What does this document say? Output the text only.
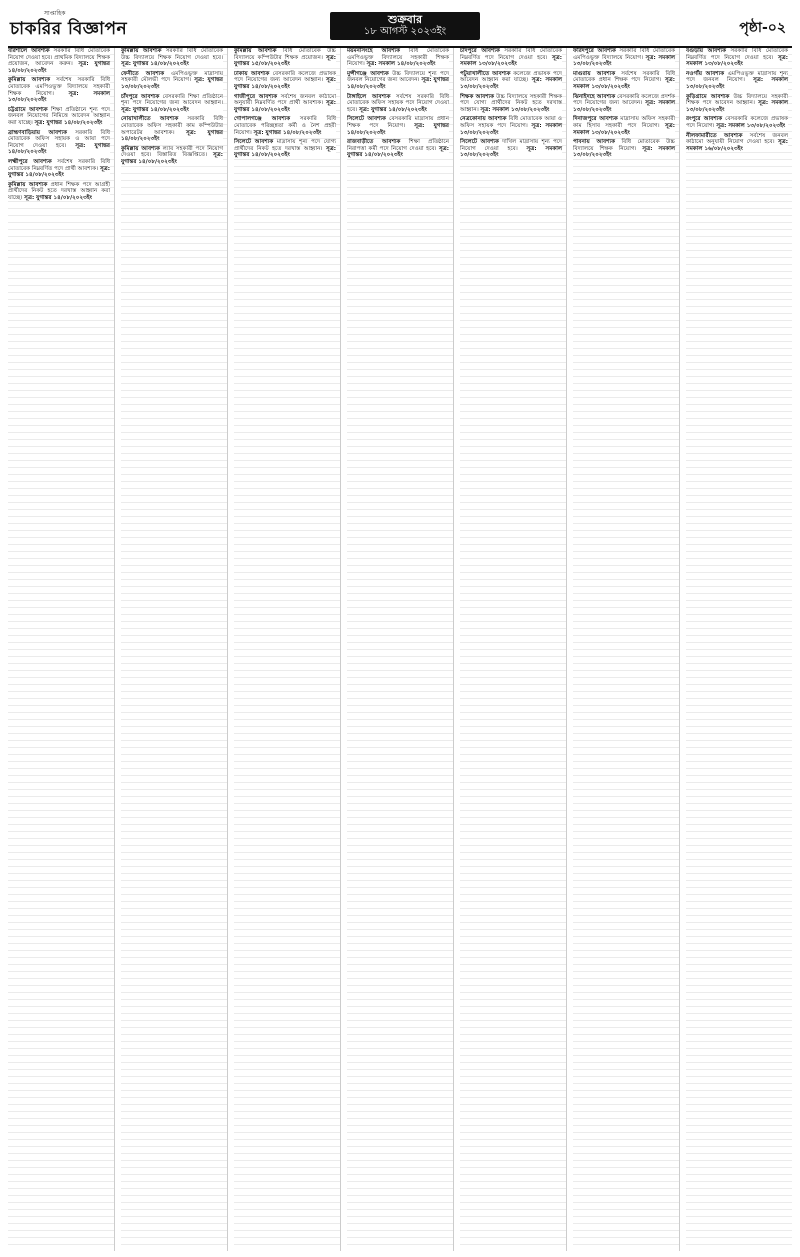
সাপ্তাহিক
চাকরির বিজ্ঞাপন	শুক্রবার
১৮ আগস্ট ২০২৩ইং	পৃষ্ঠা-০২

বরিশালে আবশ্যক সরকারি বিধি মোতাবেক নিয়োগ দেওয়া হবে। প্রাথমিক বিদ্যালয়ে শিক্ষক প্রয়োজন, আবেদন করুন। সূত্র: যুগান্তর ১৪/০৮/২০২৩ইং

কুমিল্লায় আবশ্যক সর্বশেষ সরকারি বিধি মোতাবেক এমপিওভুক্ত বিদ্যালয়ে সহকারী শিক্ষক নিয়োগ।	সূত্র: সমকাল ১৩/০৮/২০২৩ইং

চট্টগ্রামে আবশ্যক শিক্ষা প্রতিষ্ঠানে শূন্য পদে জনবল নিয়োগের নিমিত্তে আবেদন আহ্বান করা যাচ্ছে। সূত্র: যুগান্তর ১৪/০৮/২০২৩ইং

ব্রাহ্মণবাড়িয়ায় আবশ্যক সরকারি বিধি মোতাবেক অফিস সহায়ক ও আয়া পদে নিয়োগ দেওয়া হবে। সূত্র: যুগান্তর ১৪/০৮/২০২৩ইং

লক্ষ্মীপুরে আবশ্যক সর্বশেষ সরকারি বিধি মোতাবেক নিম্নবর্ণিত পদে প্রার্থী আবশ্যক। সূত্র: যুগান্তর ১৪/০৮/২০২৩ইং

কুমিল্লায় আবশ্যক প্রধান শিক্ষক পদে আগ্রহী প্রার্থীদের নিকট হতে দরখাস্ত আহ্বান করা যাচ্ছে। সূত্র: যুগান্তর ১৪/০৮/২০২৩ইং

কুমিল্লায় আবশ্যক সরকারি বিধি মোতাবেক উচ্চ বিদ্যালয়ে শিক্ষক নিয়োগ দেওয়া হবে। সূত্র: যুগান্তর ১৪/০৮/২০২৩ইং

ফেনীতে আবশ্যক এমপিওভুক্ত মাদ্রাসায় সহকারী মৌলভী পদে নিয়োগ। সূত্র: যুগান্তর ১৩/০৮/২০২৩ইং

চাঁদপুরে আবশ্যক বেসরকারি শিক্ষা প্রতিষ্ঠানে শূন্য পদে নিয়োগের জন্য আবেদন আহ্বান। সূত্র: যুগান্তর ১৪/০৮/২০২৩ইং

নোয়াখালীতে আবশ্যক সরকারি বিধি মোতাবেক অফিস সহকারী কাম কম্পিউটার অপারেটর আবশ্যক। সূত্র: যুগান্তর ১৪/০৮/২০২৩ইং

কুমিল্লায় আবশ্যক ল্যাব সহকারী পদে নিয়োগ দেওয়া হবে। বিস্তারিত বিজ্ঞপ্তিতে। সূত্র: যুগান্তর ১৪/০৮/২০২৩ইং

কুমিল্লায় আবশ্যক বিধি মোতাবেক উচ্চ বিদ্যালয়ে কম্পিউটার শিক্ষক প্রয়োজন। সূত্র: যুগান্তর ১৫/০৮/২০২৩ইং

ঢাকায় আবশ্যক বেসরকারি কলেজে প্রভাষক পদে নিয়োগের জন্য আবেদন আহ্বান। সূত্র: যুগান্তর ১৪/০৮/২০২৩ইং

গাজীপুরে আবশ্যক সর্বশেষ জনবল কাঠামো অনুযায়ী নিম্নবর্ণিত পদে প্রার্থী আবশ্যক। সূত্র: যুগান্তর ১৪/০৮/২০২৩ইং

গোপালগঞ্জে আবশ্যক সরকারি বিধি মোতাবেক পরিচ্ছন্নতা কর্মী ও নৈশ প্রহরী নিয়োগ। সূত্র: যুগান্তর ১৪/০৮/২০২৩ইং

সিলেটে আবশ্যক মাদ্রাসায় শূন্য পদে যোগ্য প্রার্থীদের নিকট হতে দরখাস্ত আহ্বান। সূত্র: যুগান্তর ১৪/০৮/২০২৩ইং

ময়মনসিংহে আবশ্যক বিধি মোতাবেক এমপিওভুক্ত বিদ্যালয়ে সহকারী শিক্ষক নিয়োগ। সূত্র: সমকাল ১৪/০৮/২০২৩ইং

মুন্সীগঞ্জে আবশ্যক উচ্চ বিদ্যালয়ে শূন্য পদে জনবল নিয়োগের জন্য আবেদন। সূত্র: যুগান্তর ১৪/০৮/২০২৩ইং

টাঙ্গাইলে আবশ্যক সর্বশেষ সরকারি বিধি মোতাবেক অফিস সহায়ক পদে নিয়োগ দেওয়া হবে। সূত্র: যুগান্তর ১৪/০৮/২০২৩ইং

সিলেটে আবশ্যক বেসরকারি মাদ্রাসায় প্রধান শিক্ষক পদে নিয়োগ। সূত্র: যুগান্তর ১৪/০৮/২০২৩ইং

রাজবাড়ীতে আবশ্যক শিক্ষা প্রতিষ্ঠানে নিরাপত্তা কর্মী পদে নিয়োগ দেওয়া হবে। সূত্র: যুগান্তর ১৪/০৮/২০২৩ইং

চাঁদপুরে আবশ্যক সরকারি বিধি মোতাবেক নিম্নবর্ণিত পদে নিয়োগ দেওয়া হবে। সূত্র: সমকাল ১৩/০৮/২০২৩ইং

পটুয়াখালীতে আবশ্যক কলেজে প্রভাষক পদে আবেদন আহ্বান করা যাচ্ছে। সূত্র: সমকাল ১৩/০৮/২০২৩ইং

শিক্ষক আবশ্যক উচ্চ বিদ্যালয়ে সহকারী শিক্ষক পদে যোগ্য প্রার্থীদের নিকট হতে দরখাস্ত আহ্বান। সূত্র: সমকাল ১৩/০৮/২০২৩ইং

নেত্রকোনায় আবশ্যক বিধি মোতাবেক আয়া ও অফিস সহায়ক পদে নিয়োগ। সূত্র: সমকাল ১৩/০৮/২০২৩ইং

সিলেটে আবশ্যক দাখিল মাদ্রাসায় শূন্য পদে নিয়োগ দেওয়া হবে। সূত্র: সমকাল ১৩/০৮/২০২৩ইং

ফরিদপুরে আবশ্যক সরকারি বিধি মোতাবেক এমপিওভুক্ত বিদ্যালয়ে নিয়োগ। সূত্র: সমকাল ১৩/০৮/২০২৩ইং

মাগুরায় আবশ্যক সর্বশেষ সরকারি বিধি মোতাবেক প্রধান শিক্ষক পদে নিয়োগ। সূত্র: সমকাল ১৩/০৮/২০২৩ইং

ঝিনাইদহে আবশ্যক বেসরকারি কলেজে প্রদর্শক পদে নিয়োগের জন্য আবেদন। সূত্র: সমকাল ১৩/০৮/২০২৩ইং

দিনাজপুরে আবশ্যক মাদ্রাসায় অফিস সহকারী কাম হিসাব সহকারী পদে নিয়োগ। সূত্র: সমকাল ১৩/০৮/২০২৩ইং

পাবনায় আবশ্যক বিধি মোতাবেক উচ্চ বিদ্যালয়ে শিক্ষক নিয়োগ। সূত্র: সমকাল ১৩/০৮/২০২৩ইং

বগুড়ায় আবশ্যক সরকারি বিধি মোতাবেক নিম্নবর্ণিত পদে নিয়োগ দেওয়া হবে। সূত্র: সমকাল ১৩/০৮/২০২৩ইং

নওগাঁয় আবশ্যক এমপিওভুক্ত মাদ্রাসায় শূন্য পদে জনবল নিয়োগ। সূত্র: সমকাল ১৩/০৮/২০২৩ইং

কুড়িগ্রামে আবশ্যক উচ্চ বিদ্যালয়ে সহকারী শিক্ষক পদে আবেদন আহ্বান। সূত্র: সমকাল ১৩/০৮/২০২৩ইং

রংপুরে আবশ্যক বেসরকারি কলেজে প্রভাষক পদে নিয়োগ। সূত্র: সমকাল ১৩/০৮/২০২৩ইং

নীলফামারীতে আবশ্যক সর্বশেষ জনবল কাঠামো অনুযায়ী নিয়োগ দেওয়া হবে। সূত্র: সমকাল ১৬/০৮/২০২৩ইং
